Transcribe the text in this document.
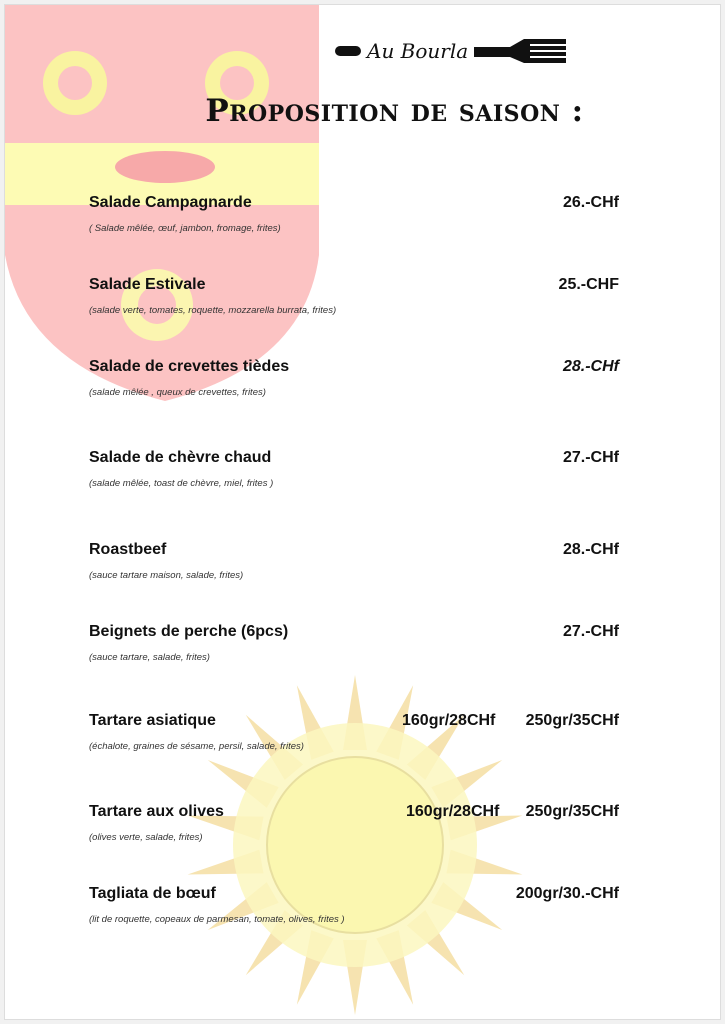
Au Bourla
Proposition de saison :
Salade Campagnarde
( Salade mêlée, œuf, jambon, fromage, frites)
26.-CHf
Salade Estivale
(salade verte, tomates, roquette, mozzarella burrata, frites)
25.-CHF
Salade de crevettes tièdes
(salade mêlée , queux de crevettes, frites)
28.-CHf
Salade de chèvre chaud
(salade mêlée, toast de chèvre, miel, frites )
27.-CHf
Roastbeef
(sauce tartare maison, salade, frites)
28.-CHf
Beignets de perche (6pcs)
(sauce tartare, salade, frites)
27.-CHf
Tartare asiatique
(échalote, graines de sésame, persil, salade, frites)
160gr/28CHf 250gr/35CHf
Tartare aux olives
(olives verte, salade, frites)
160gr/28CHf 250gr/35CHf
Tagliata de bœuf
(lit de roquette, copeaux de parmesan, tomate, olives, frites )
200gr/30.-CHf
